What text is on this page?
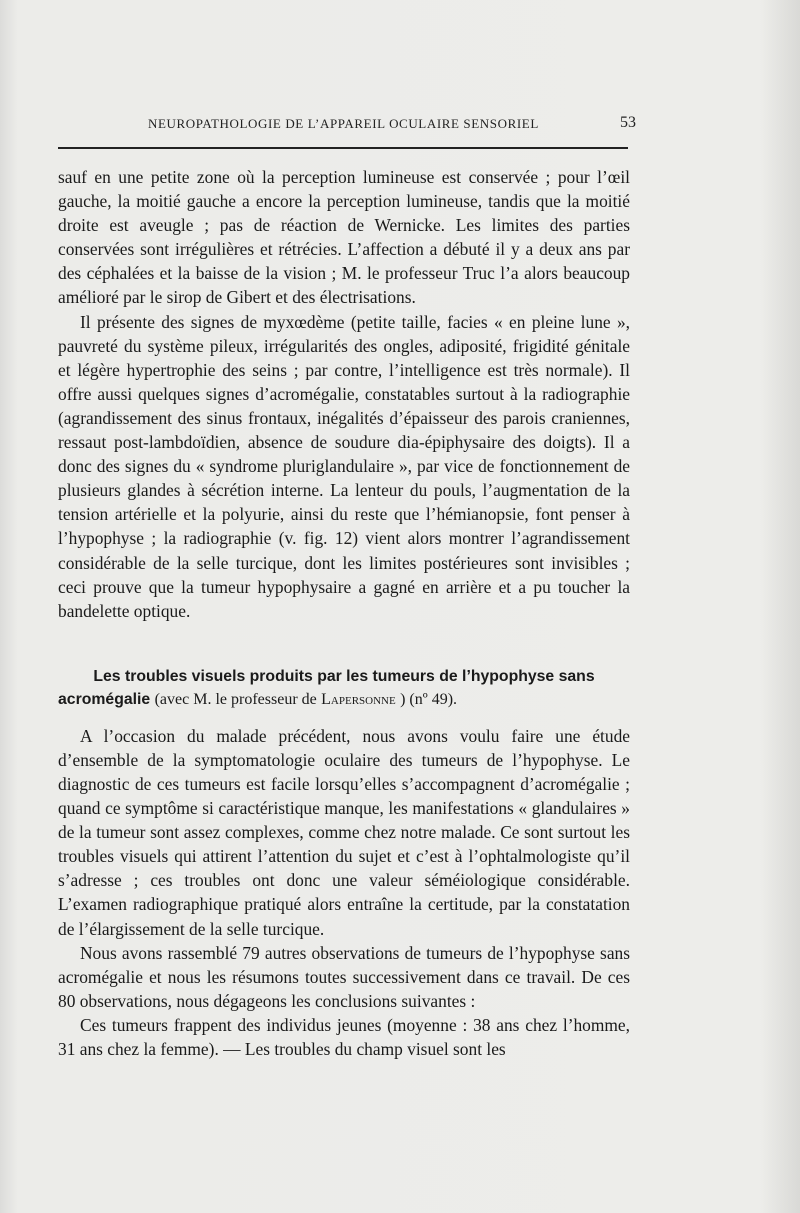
NEUROPATHOLOGIE DE L’APPAREIL OCULAIRE SENSORIEL	53

sauf en une petite zone où la perception lumineuse est conservée ; pour l’œil gauche, la moitié gauche a encore la perception lumineuse, tandis que la moitié droite est aveugle ; pas de réaction de Wernicke. Les limites des parties conservées sont irrégulières et rétrécies. L’affection a débuté il y a deux ans par des céphalées et la baisse de la vision ; M. le professeur Truc l’a alors beaucoup amélioré par le sirop de Gibert et des électrisations.

Il présente des signes de myxœdème (petite taille, facies « en pleine lune », pauvreté du système pileux, irrégularités des ongles, adiposité, frigidité génitale et légère hypertrophie des seins ; par contre, l’intelligence est très normale). Il offre aussi quelques signes d’acromégalie, constatables surtout à la radiographie (agrandissement des sinus frontaux, inégalités d’épaisseur des parois craniennes, ressaut post-lambdoïdien, absence de soudure dia-épiphysaire des doigts). Il a donc des signes du « syndrome pluriglandulaire », par vice de fonctionnement de plusieurs glandes à sécrétion interne. La lenteur du pouls, l’augmentation de la tension artérielle et la polyurie, ainsi du reste que l’hémianopsie, font penser à l’hypophyse ; la radiographie (v. fig. 12) vient alors montrer l’agrandissement considérable de la selle turcique, dont les limites postérieures sont invisibles ; ceci prouve que la tumeur hypophysaire a gagné en arrière et a pu toucher la bandelette optique.

Les troubles visuels produits par les tumeurs de l’hypophyse sans acromégalie (avec M. le professeur de Lapersonne ) (nº 49).

A l’occasion du malade précédent, nous avons voulu faire une étude d’ensemble de la symptomatologie oculaire des tumeurs de l’hypophyse. Le diagnostic de ces tumeurs est facile lorsqu’elles s’accompagnent d’acromégalie ; quand ce symptôme si caractéristique manque, les manifestations « glandulaires » de la tumeur sont assez complexes, comme chez notre malade. Ce sont surtout les troubles visuels qui attirent l’attention du sujet et c’est à l’ophtalmologiste qu’il s’adresse ; ces troubles ont donc une valeur séméiologique considérable. L’examen radiographique pratiqué alors entraîne la certitude, par la constatation de l’élargissement de la selle turcique.

Nous avons rassemblé 79 autres observations de tumeurs de l’hypophyse sans acromégalie et nous les résumons toutes successivement dans ce travail. De ces 80 observations, nous dégageons les conclusions suivantes :

Ces tumeurs frappent des individus jeunes (moyenne : 38 ans chez l’homme, 31 ans chez la femme). — Les troubles du champ visuel sont les
